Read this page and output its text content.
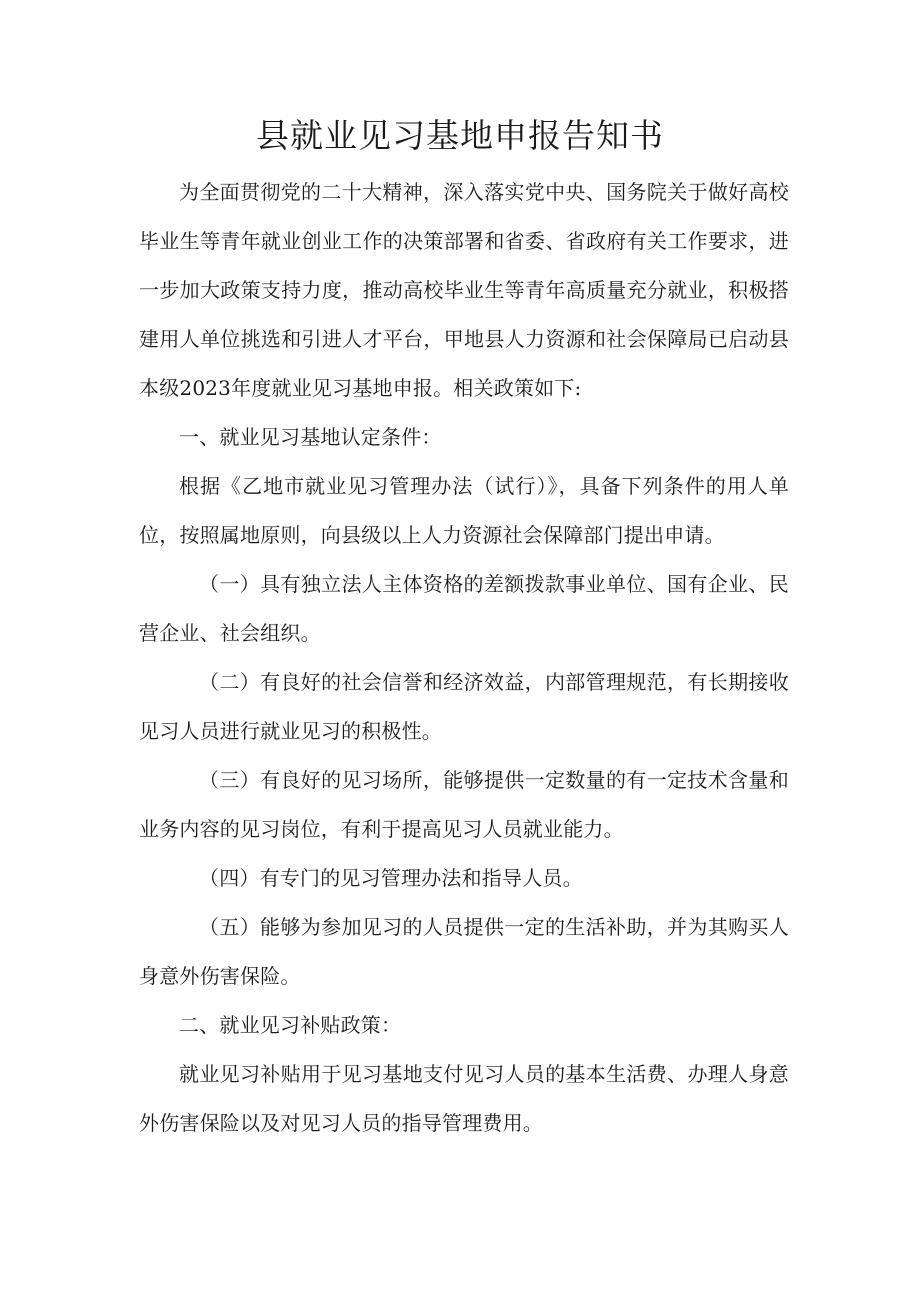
县就业见习基地申报告知书

为全面贯彻党的二十大精神，深入落实党中央、国务院关于做好高校毕业生等青年就业创业工作的决策部署和省委、省政府有关工作要求，进一步加大政策支持力度，推动高校毕业生等青年高质量充分就业，积极搭建用人单位挑选和引进人才平台，甲地县人力资源和社会保障局已启动县本级2023年度就业见习基地申报。相关政策如下:

一、就业见习基地认定条件：

根据《乙地市就业见习管理办法（试行）》，具备下列条件的用人单位，按照属地原则，向县级以上人力资源社会保障部门提出申请。

（一）具有独立法人主体资格的差额拨款事业单位、国有企业、民营企业、社会组织。

（二）有良好的社会信誉和经济效益，内部管理规范，有长期接收见习人员进行就业见习的积极性。

（三）有良好的见习场所，能够提供一定数量的有一定技术含量和业务内容的见习岗位，有利于提高见习人员就业能力。

（四）有专门的见习管理办法和指导人员。

（五）能够为参加见习的人员提供一定的生活补助，并为其购买人身意外伤害保险。

二、就业见习补贴政策：

就业见习补贴用于见习基地支付见习人员的基本生活费、办理人身意外伤害保险以及对见习人员的指导管理费用。
